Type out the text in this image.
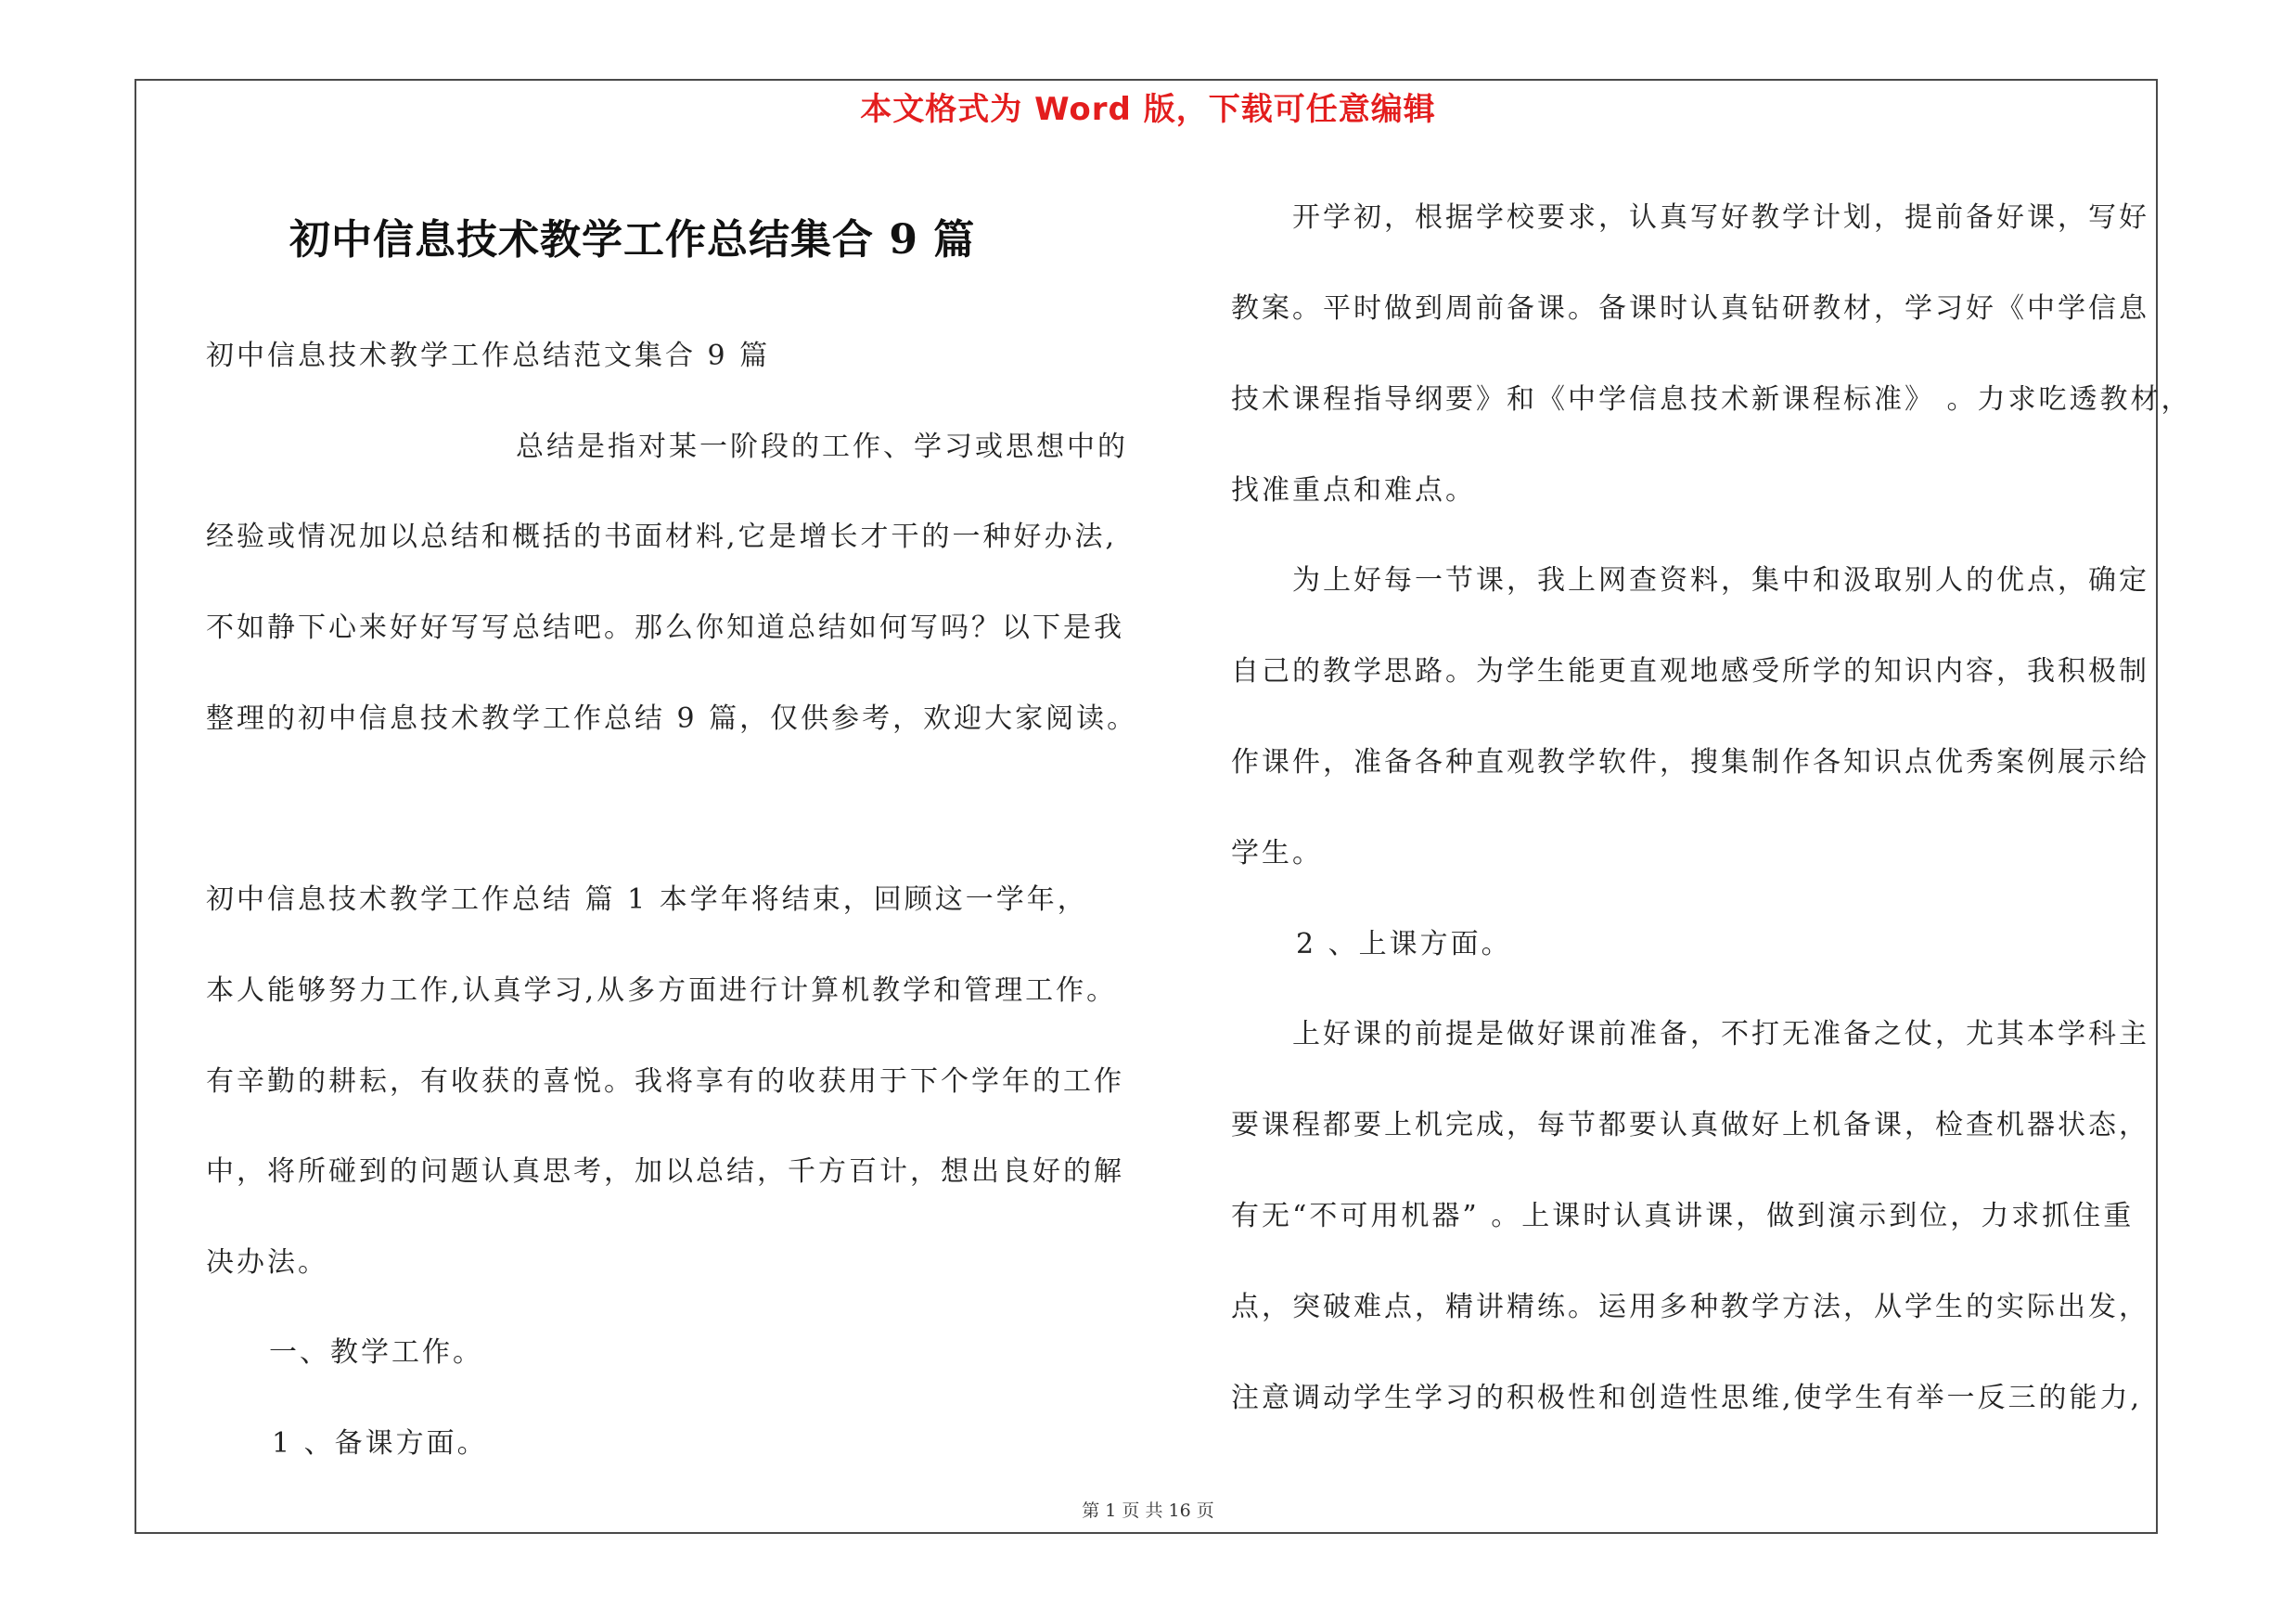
本文格式为 Word 版，下载可任意编辑
初中信息技术教学工作总结集合 9 篇
初中信息技术教学工作总结范文集合 9 篇
总结是指对某一阶段的工作、学习或思想中的
经验或情况加以总结和概括的书面材料,它是增长才干的一种好办法,
不如静下心来好好写写总结吧。那么你知道总结如何写吗？以下是我
整理的初中信息技术教学工作总结 9 篇，仅供参考，欢迎大家阅读。
初中信息技术教学工作总结 篇 1 本学年将结束，回顾这一学年，
本人能够努力工作,认真学习,从多方面进行计算机教学和管理工作。
有辛勤的耕耘，有收获的喜悦。我将享有的收获用于下个学年的工作
中，将所碰到的问题认真思考，加以总结，千方百计，想出良好的解
决办法。
一、教学工作。
1 、备课方面。
开学初，根据学校要求，认真写好教学计划，提前备好课，写好
教案。平时做到周前备课。备课时认真钻研教材，学习好《中学信息
技术课程指导纲要》和《中学信息技术新课程标准》 。力求吃透教材，
找准重点和难点。
为上好每一节课，我上网查资料，集中和汲取别人的优点，确定
自己的教学思路。为学生能更直观地感受所学的知识内容，我积极制
作课件，准备各种直观教学软件，搜集制作各知识点优秀案例展示给
学生。
2 、上课方面。
上好课的前提是做好课前准备，不打无准备之仗，尤其本学科主
要课程都要上机完成，每节都要认真做好上机备课，检查机器状态，
有无“不可用机器” 。上课时认真讲课，做到演示到位，力求抓住重
点，突破难点，精讲精练。运用多种教学方法，从学生的实际出发，
注意调动学生学习的积极性和创造性思维,使学生有举一反三的能力,
第 1 页 共 16 页
